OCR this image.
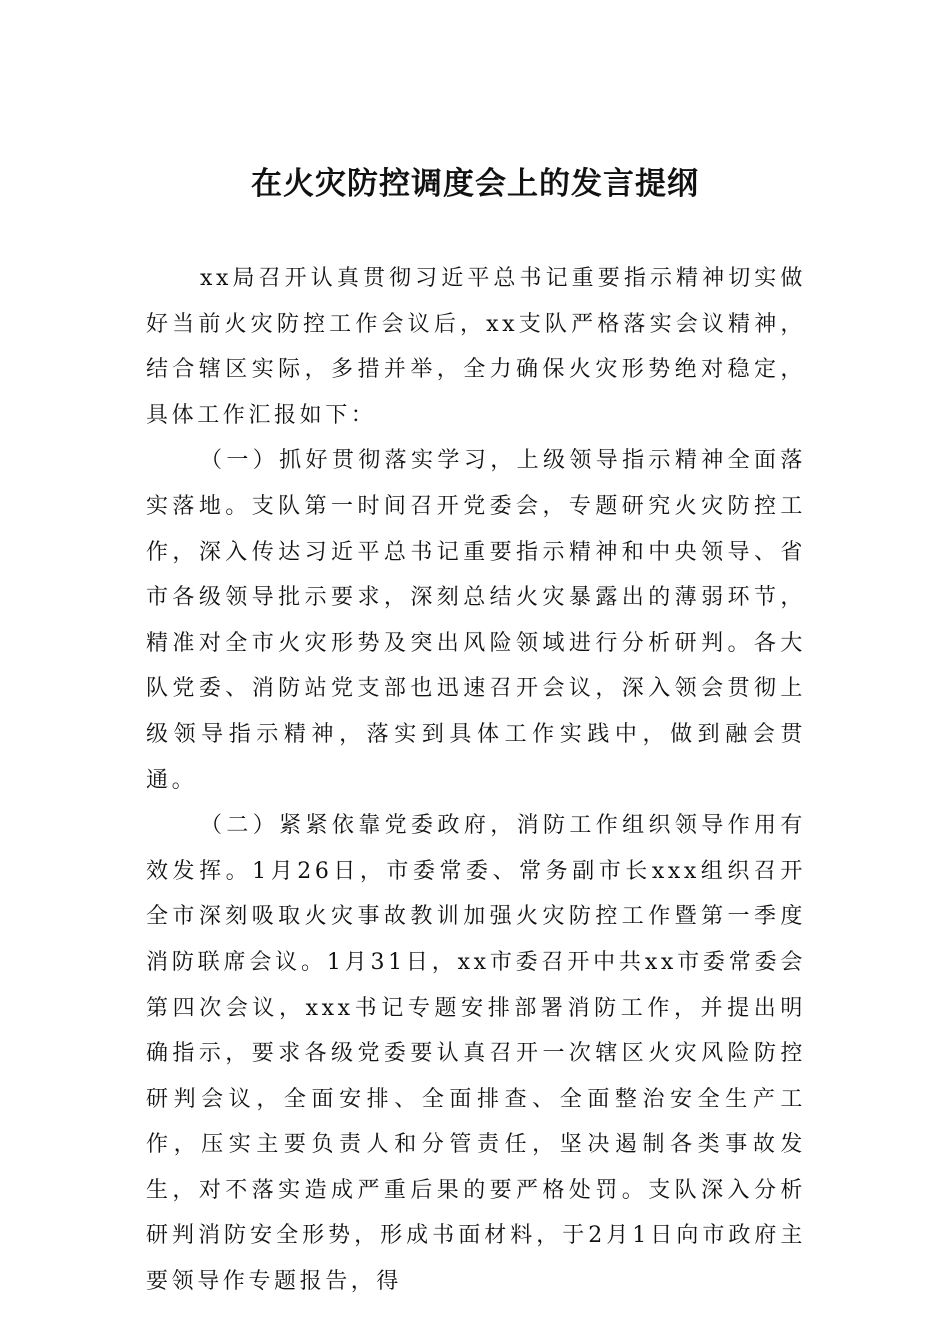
在火灾防控调度会上的发言提纲

xx局召开认真贯彻习近平总书记重要指示精神切实做好当前火灾防控工作会议后，xx支队严格落实会议精神，结合辖区实际，多措并举，全力确保火灾形势绝对稳定，具体工作汇报如下：

（一）抓好贯彻落实学习，上级领导指示精神全面落实落地。支队第一时间召开党委会，专题研究火灾防控工作，深入传达习近平总书记重要指示精神和中央领导、省市各级领导批示要求，深刻总结火灾暴露出的薄弱环节，精准对全市火灾形势及突出风险领域进行分析研判。各大队党委、消防站党支部也迅速召开会议，深入领会贯彻上级领导指示精神，落实到具体工作实践中，做到融会贯通。

（二）紧紧依靠党委政府，消防工作组织领导作用有效发挥。1月26日，市委常委、常务副市长xxx组织召开全市深刻吸取火灾事故教训加强火灾防控工作暨第一季度消防联席会议。1月31日，xx市委召开中共xx市委常委会第四次会议，xxx书记专题安排部署消防工作，并提出明确指示，要求各级党委要认真召开一次辖区火灾风险防控研判会议，全面安排、全面排查、全面整治安全生产工作，压实主要负责人和分管责任，坚决遏制各类事故发生，对不落实造成严重后果的要严格处罚。支队深入分析研判消防安全形势，形成书面材料，于2月1日向市政府主要领导作专题报告，得
